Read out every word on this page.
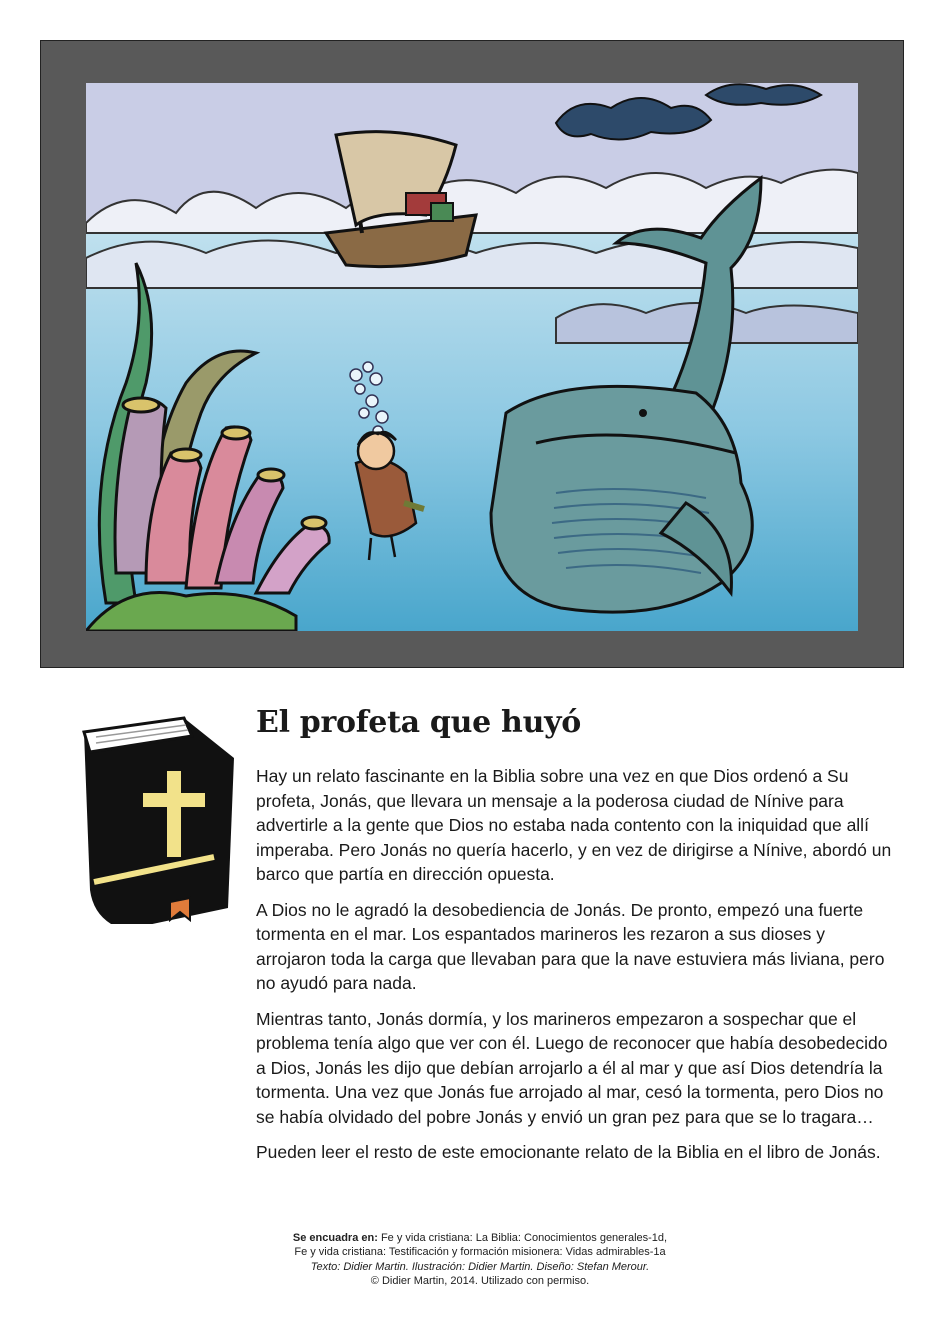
El profeta que huyó

Hay un relato fascinante en la Biblia sobre una vez en que Dios ordenó a Su profeta, Jonás, que llevara un mensaje a la poderosa ciudad de Nínive para advertirle a la gente que Dios no estaba nada contento con la iniquidad que allí imperaba. Pero Jonás no quería hacerlo, y en vez de dirigirse a Nínive, abordó un barco que partía en dirección opuesta.

A Dios no le agradó la desobediencia de Jonás. De pronto, empezó una fuerte tormenta en el mar. Los espantados marineros les rezaron a sus dioses y arrojaron toda la carga que llevaban para que la nave estuviera más liviana, pero no ayudó para nada.

Mientras tanto, Jonás dormía, y los marineros empezaron a sospechar que el problema tenía algo que ver con él. Luego de reconocer que había desobedecido a Dios, Jonás les dijo que debían arrojarlo a él al mar y que así Dios detendría la tormenta. Una vez que Jonás fue arrojado al mar, cesó la tormenta, pero Dios no se había olvidado del pobre Jonás y envió un gran pez para que se lo tragara…

Pueden leer el resto de este emocionante relato de la Biblia en el libro de Jonás.

Se encuadra en: Fe y vida cristiana: La Biblia: Conocimientos generales-1d,
Fe y vida cristiana: Testificación y formación misionera: Vidas admirables-1a
Texto: Didier Martin. Ilustración: Didier Martin. Diseño: Stefan Merour.
© Didier Martin, 2014. Utilizado con permiso.
